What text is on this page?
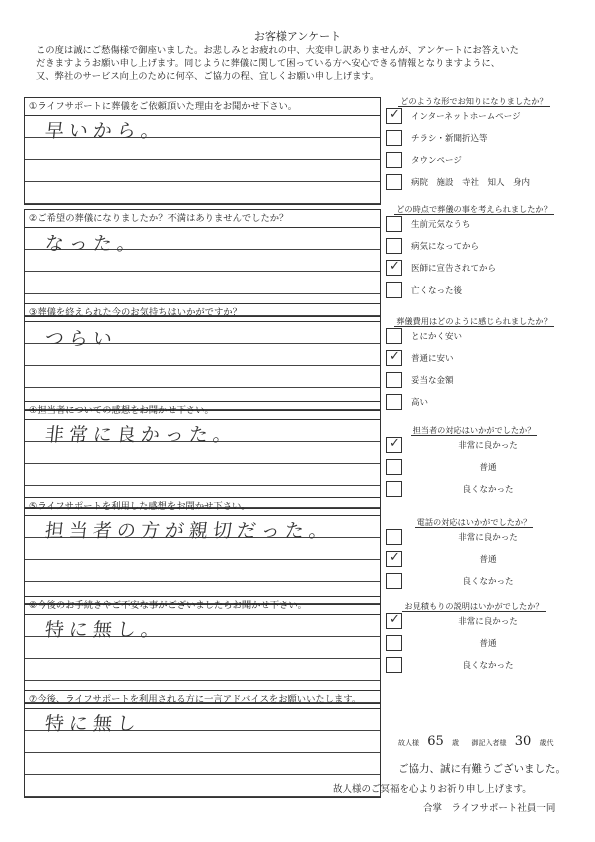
お客様アンケート
この度は誠にご愁傷様で御座いました。お悲しみとお疲れの中、大変申し訳ありませんが、アンケートにお答えいた
だきますようお願い申し上げます。同じように葬儀に関して困っている方へ安心できる情報となりますように、
又、弊社のサービス向上のために何卒、ご協力の程、宜しくお願い申し上げます。
①ライフサポートに葬儀をご依頼頂いた理由をお聞かせ下さい。
早いから。
②ご希望の葬儀になりましたか？不満はありませんでしたか？
なった。
③葬儀を終えられた今のお気持ちはいかがですか？
つらい
④担当者についての感想をお聞かせ下さい。
非常に良かった。
⑤ライフサポートを利用した感想をお聞かせ下さい。
担当者の方が親切だった。
⑥今後のお手続きやご不安な事がございましたらお聞かせ下さい。
特に無し。
⑦今後、ライフサポートを利用される方に一言アドバイスをお願いいたします。
特に無し
どのような形でお知りになりましたか？
✓ インターネットホームページ
チラシ・新聞折込等
タウンページ
病院　施設　寺社　知人　身内
どの時点で葬儀の事を考えられましたか？
生前元気なうち
病気になってから
✓ 医師に宣告されてから
亡くなった後
葬儀費用はどのように感じられましたか？
とにかく安い
✓ 普通に安い
妥当な金額
高い
担当者の対応はいかがでしたか？
✓	非常に良かった
普通
良くなかった
電話の対応はいかがでしたか？
非常に良かった
✓	普通
良くなかった
お見積もりの説明はいかがでしたか？
✓	非常に良かった
普通
良くなかった
故人様 65 歳 御記入者様 30 歳代
ご協力、誠に有難うございました。
故人様のご冥福を心よりお祈り申し上げます。
合掌　ライフサポート社員一同
